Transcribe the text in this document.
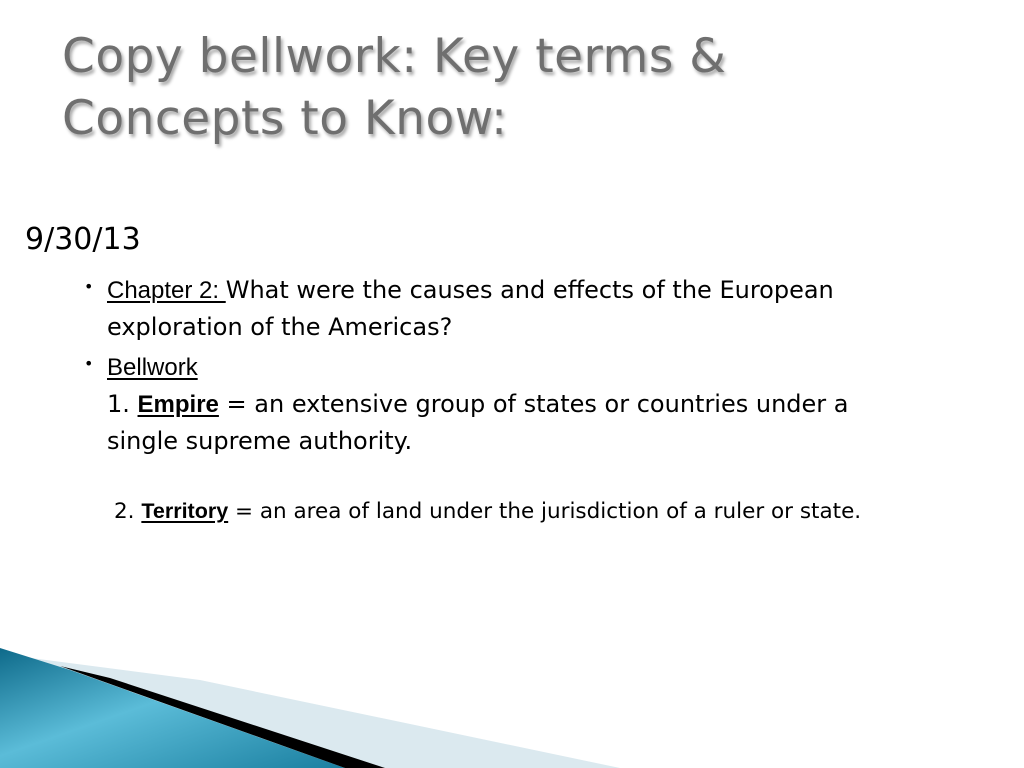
Copy bellwork: Key terms & Concepts to Know:
9/30/13
• Chapter 2: What were the causes and effects of the European exploration of the Americas?
• Bellwork
1. Empire = an extensive group of states or countries under a single supreme authority.
2. Territory = an area of land under the jurisdiction of a ruler or state.
